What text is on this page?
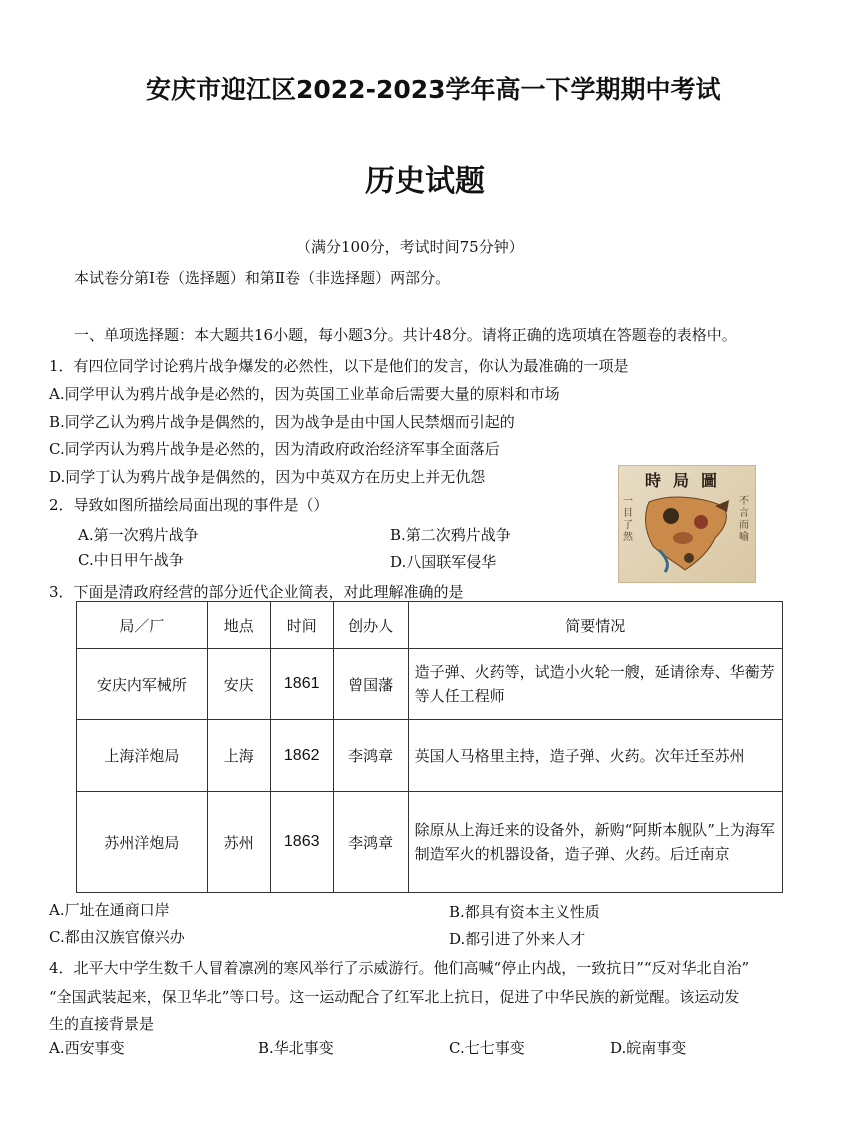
安庆市迎江区2022-2023学年高一下学期期中考试
历史试题
（满分100分，考试时间75分钟）
本试卷分第Ⅰ卷（选择题）和第Ⅱ卷（非选择题）两部分。
一、单项选择题：本大题共16小题，每小题3分。共计48分。请将正确的选项填在答题卷的表格中。
1．有四位同学讨论鸦片战争爆发的必然性，以下是他们的发言，你认为最准确的一项是
A.同学甲认为鸦片战争是必然的，因为英国工业革命后需要大量的原料和市场
B.同学乙认为鸦片战争是偶然的，因为战争是由中国人民禁烟而引起的
C.同学丙认为鸦片战争是必然的，因为清政府政治经济军事全面落后
D.同学丁认为鸦片战争是偶然的，因为中英双方在历史上并无仇怨
2．导致如图所描绘局面出现的事件是（）
A.第一次鸦片战争	B.第二次鸦片战争
C.中日甲午战争	D.八国联军侵华
時局圖
一目了然
不言而喻
3．下面是清政府经营的部分近代企业简表，对此理解准确的是
局／厂	地点	时间	创办人	简要情况
安庆内军械所	安庆	1861	曾国藩	造子弹、火药等，试造小火轮一艘，延请徐寿、华蘅芳等人任工程师
上海洋炮局	上海	1862	李鸿章	英国人马格里主持，造子弹、火药。次年迁至苏州
苏州洋炮局	苏州	1863	李鸿章	除原从上海迁来的设备外，新购“阿斯本舰队”上为海军制造军火的机器设备，造子弹、火药。后迁南京
A.厂址在通商口岸	B.都具有资本主义性质
C.都由汉族官僚兴办	D.都引进了外来人才
4．北平大中学生数千人冒着凛冽的寒风举行了示威游行。他们高喊“停止内战，一致抗日”“反对华北自治”
“全国武装起来，保卫华北”等口号。这一运动配合了红军北上抗日，促进了中华民族的新觉醒。该运动发
生的直接背景是
A.西安事变	B.华北事变	C.七七事变	D.皖南事变
